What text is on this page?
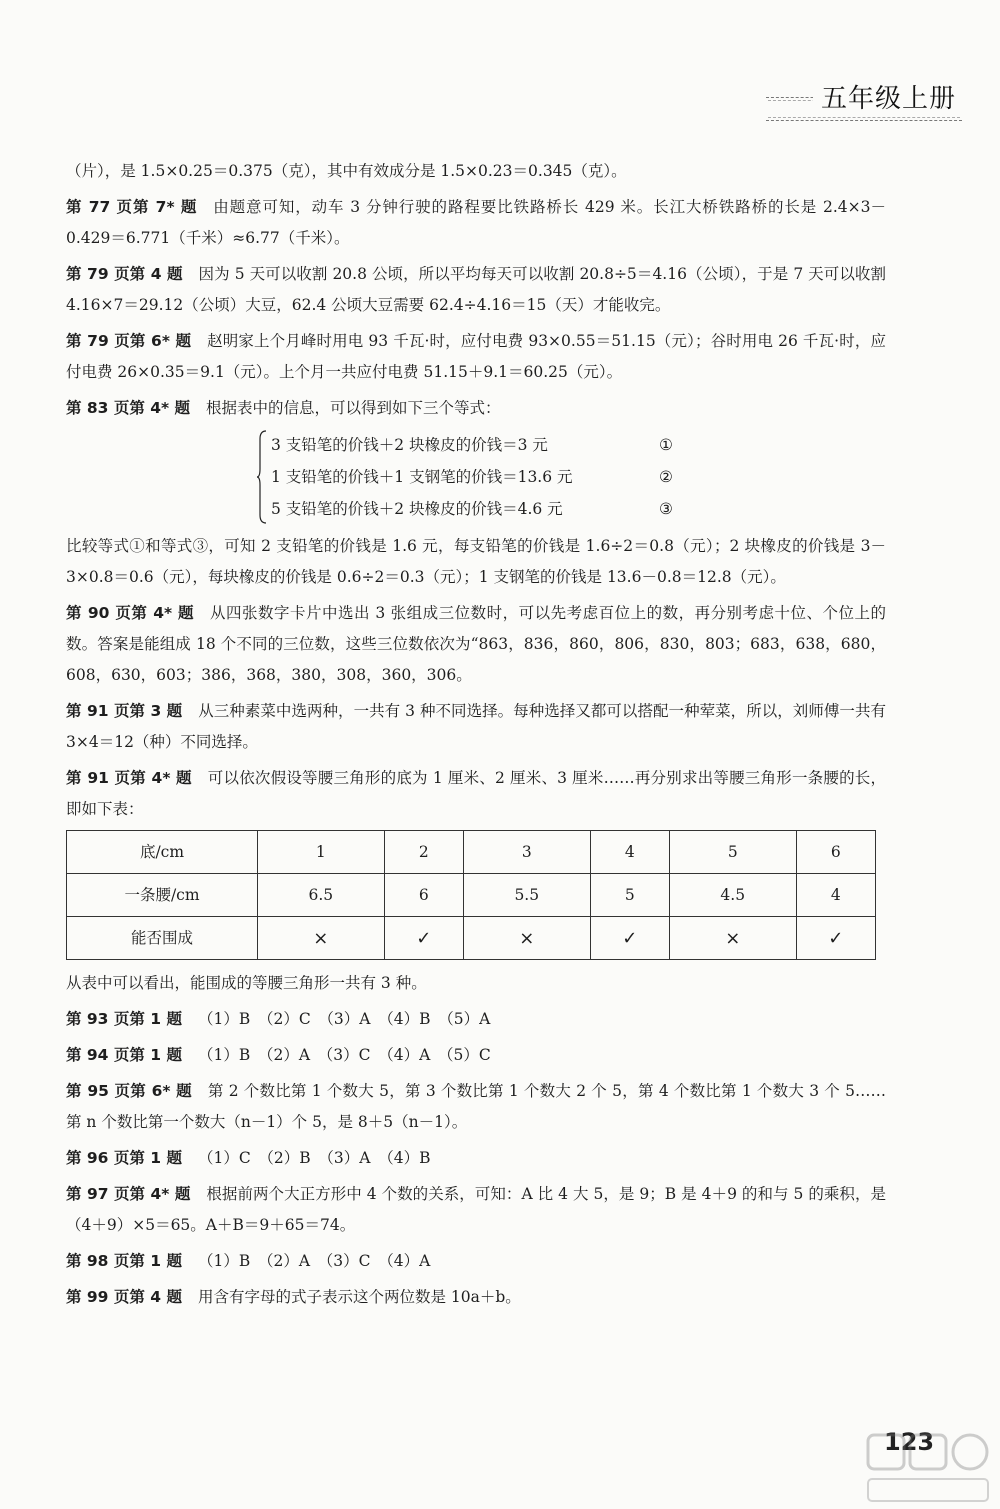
五年级上册

（片），是 1.5×0.25＝0.375（克），其中有效成分是 1.5×0.23＝0.345（克）。

第 77 页第 7* 题 由题意可知，动车 3 分钟行驶的路程要比铁路桥长 429 米。长江大桥铁路桥的长是 2.4×3－0.429＝6.771（千米）≈6.77（千米）。

第 79 页第 4 题 因为 5 天可以收割 20.8 公顷，所以平均每天可以收割 20.8÷5＝4.16（公顷），于是 7 天可以收割 4.16×7＝29.12（公顷）大豆，62.4 公顷大豆需要 62.4÷4.16＝15（天）才能收完。

第 79 页第 6* 题 赵明家上个月峰时用电 93 千瓦·时，应付电费 93×0.55＝51.15（元）；谷时用电 26 千瓦·时，应付电费 26×0.35＝9.1（元）。上个月一共应付电费 51.15＋9.1＝60.25（元）。

第 83 页第 4* 题 根据表中的信息，可以得到如下三个等式：

3 支铅笔的价钱＋2 块橡皮的价钱＝3 元	①
1 支铅笔的价钱＋1 支钢笔的价钱＝13.6 元	②
5 支铅笔的价钱＋2 块橡皮的价钱＝4.6 元	③

比较等式①和等式③，可知 2 支铅笔的价钱是 1.6 元，每支铅笔的价钱是 1.6÷2＝0.8（元）；2 块橡皮的价钱是 3－3×0.8＝0.6（元），每块橡皮的价钱是 0.6÷2＝0.3（元）；1 支钢笔的价钱是 13.6－0.8＝12.8（元）。

第 90 页第 4* 题 从四张数字卡片中选出 3 张组成三位数时，可以先考虑百位上的数，再分别考虑十位、个位上的数。答案是能组成 18 个不同的三位数，这些三位数依次为“863，836，860，806，830，803；683，638，680，608，630，603；386，368，380，308，360，306。

第 91 页第 3 题 从三种素菜中选两种，一共有 3 种不同选择。每种选择又都可以搭配一种荤菜，所以，刘师傅一共有 3×4＝12（种）不同选择。

第 91 页第 4* 题 可以依次假设等腰三角形的底为 1 厘米、2 厘米、3 厘米……再分别求出等腰三角形一条腰的长，即如下表：

底/cm	1	2	3	4	5	6
一条腰/cm	6.5	6	5.5	5	4.5	4
能否围成	×	✓	×	✓	×	✓

从表中可以看出，能围成的等腰三角形一共有 3 种。

第 93 页第 1 题 （1）B　（2）C　（3）A　（4）B　（5）A

第 94 页第 1 题 （1）B　（2）A　（3）C　（4）A　（5）C

第 95 页第 6* 题 第 2 个数比第 1 个数大 5，第 3 个数比第 1 个数大 2 个 5，第 4 个数比第 1 个数大 3 个 5……第 n 个数比第一个数大（n－1）个 5，是 8＋5（n－1）。

第 96 页第 1 题 （1）C　（2）B　（3）A　（4）B

第 97 页第 4* 题 根据前两个大正方形中 4 个数的关系，可知：A 比 4 大 5，是 9；B 是 4＋9 的和与 5 的乘积，是（4＋9）×5＝65。A＋B＝9＋65＝74。

第 98 页第 1 题 （1）B　（2）A　（3）C　（4）A

第 99 页第 4 题 用含有字母的式子表示这个两位数是 10a＋b。

123
